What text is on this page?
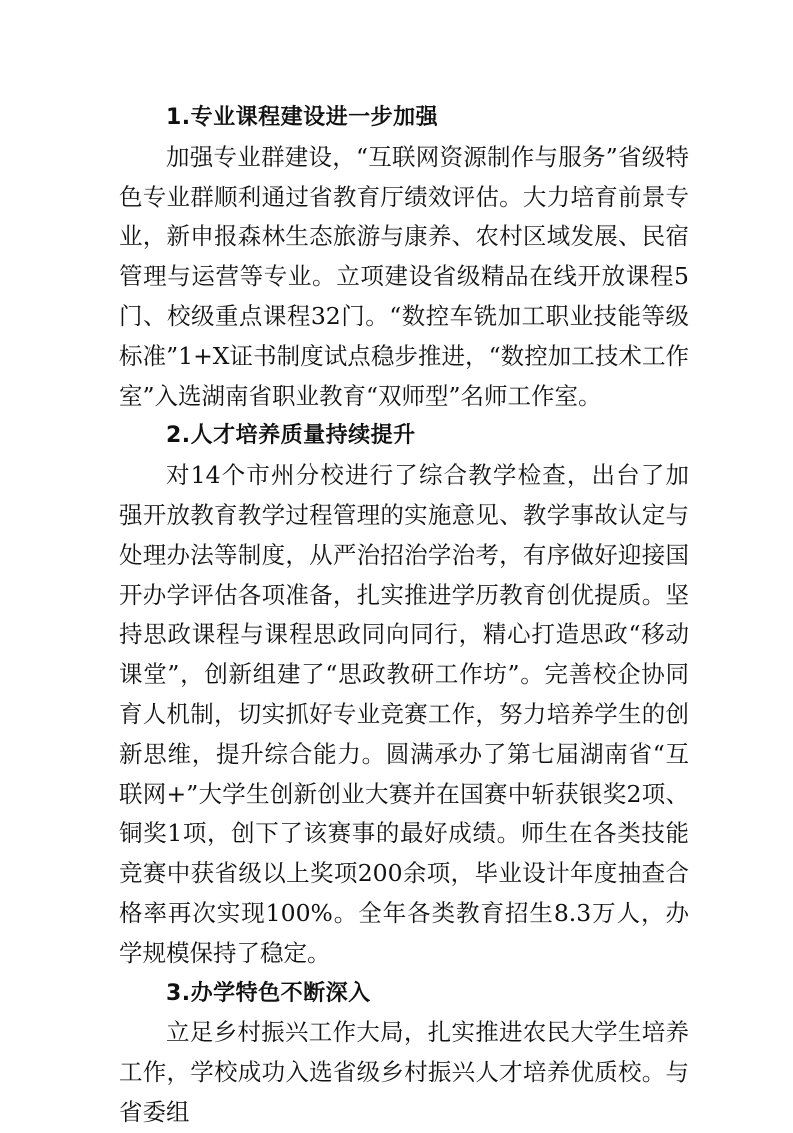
1.专业课程建设进一步加强

加强专业群建设，“互联网资源制作与服务”省级特色专业群顺利通过省教育厅绩效评估。大力培育前景专业，新申报森林生态旅游与康养、农村区域发展、民宿管理与运营等专业。立项建设省级精品在线开放课程5门、校级重点课程32门。“数控车铣加工职业技能等级标准”1+X证书制度试点稳步推进，“数控加工技术工作室”入选湖南省职业教育“双师型”名师工作室。

2.人才培养质量持续提升

对14个市州分校进行了综合教学检查，出台了加强开放教育教学过程管理的实施意见、教学事故认定与处理办法等制度，从严治招治学治考，有序做好迎接国开办学评估各项准备，扎实推进学历教育创优提质。坚持思政课程与课程思政同向同行，精心打造思政“移动课堂”，创新组建了“思政教研工作坊”。完善校企协同育人机制，切实抓好专业竞赛工作，努力培养学生的创新思维，提升综合能力。圆满承办了第七届湖南省“互联网+”大学生创新创业大赛并在国赛中斩获银奖2项、铜奖1项，创下了该赛事的最好成绩。师生在各类技能竞赛中获省级以上奖项200余项，毕业设计年度抽查合格率再次实现100%。全年各类教育招生8.3万人，办学规模保持了稳定。

3.办学特色不断深入

立足乡村振兴工作大局，扎实推进农民大学生培养工作，学校成功入选省级乡村振兴人才培养优质校。与省委组
